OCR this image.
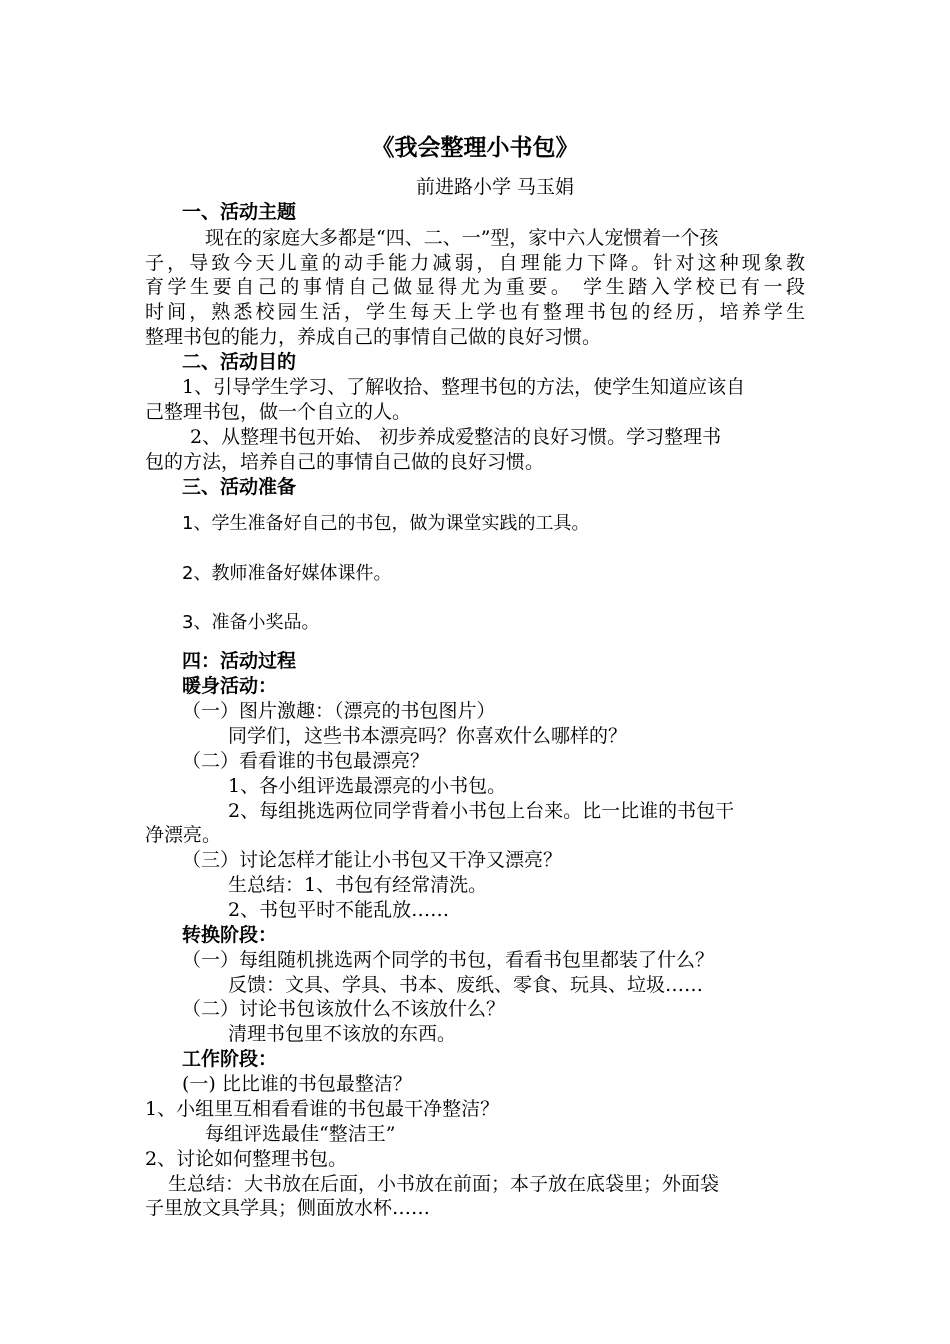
《我会整理小书包》
前进路小学 马玉娟
一、活动主题
现在的家庭大多都是“四、二、一”型，家中六人宠惯着一个孩
子，导致今天儿童的动手能力减弱，自理能力下降。针对这种现象教
育学生要自己的事情自己做显得尤为重要。 学生踏入学校已有一段
时间，熟悉校园生活，学生每天上学也有整理书包的经历，培养学生
整理书包的能力，养成自己的事情自己做的良好习惯。
二、活动目的
1、引导学生学习、了解收拾、整理书包的方法，使学生知道应该自
己整理书包，做一个自立的人。
2、从整理书包开始、 初步养成爱整洁的良好习惯。学习整理书
包的方法，培养自己的事情自己做的良好习惯。
三、活动准备
1、学生准备好自己的书包，做为课堂实践的工具。
2、教师准备好媒体课件。
3、准备小奖品。
四：活动过程
暖身活动：
（一）图片激趣：（漂亮的书包图片）
同学们，这些书本漂亮吗？你喜欢什么哪样的？
（二）看看谁的书包最漂亮？
1、各小组评选最漂亮的小书包。
2、每组挑选两位同学背着小书包上台来。比一比谁的书包干
净漂亮。
（三）讨论怎样才能让小书包又干净又漂亮？
生总结：1、书包有经常清洗。
2、书包平时不能乱放……
转换阶段：
（一）每组随机挑选两个同学的书包，看看书包里都装了什么？
反馈：文具、学具、书本、废纸、零食、玩具、垃圾……
（二）讨论书包该放什么不该放什么？
清理书包里不该放的东西。
工作阶段：
(一) 比比谁的书包最整洁？
1、小组里互相看看谁的书包最干净整洁？
每组评选最佳“整洁王”
2、讨论如何整理书包。
生总结：大书放在后面，小书放在前面；本子放在底袋里；外面袋
子里放文具学具；侧面放水杯……
